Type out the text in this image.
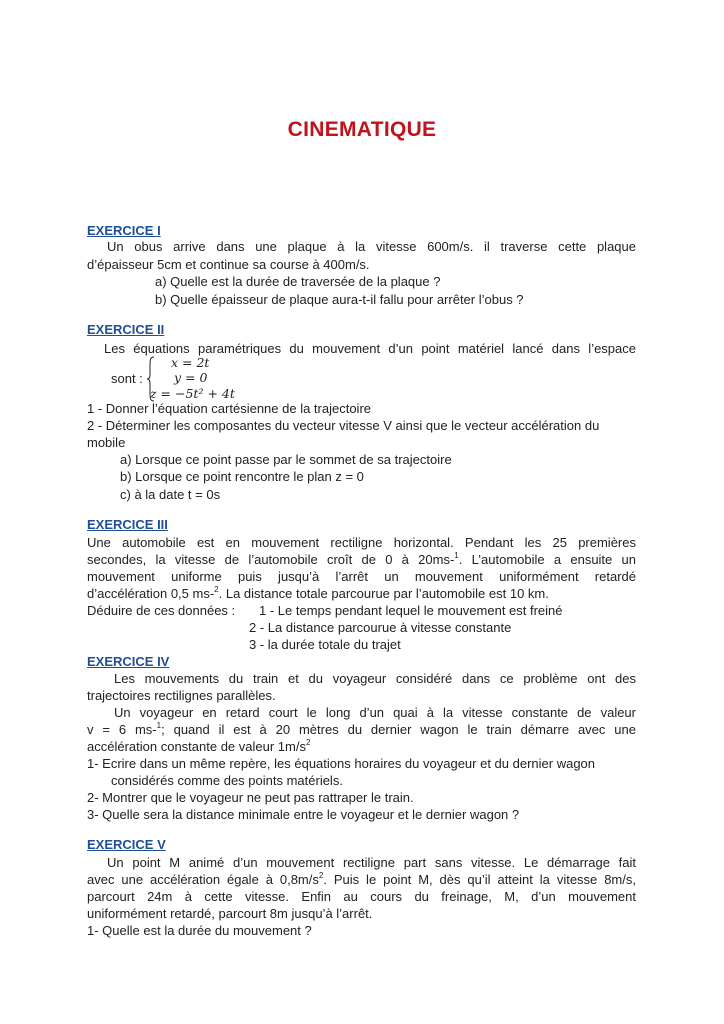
CINEMATIQUE
EXERCICE I
Un obus arrive dans une plaque à la vitesse 600m/s. il traverse cette plaque
d’épaisseur 5cm et continue sa course à 400m/s.
a) Quelle est la durée de traversée de la plaque ?
b) Quelle épaisseur de plaque aura-t-il fallu pour arrêter l’obus ?
EXERCICE II
Les équations paramétriques du mouvement d’un point matériel lancé dans l’espace
sont :
x = 2t
y = 0
z = −5t² + 4t
1 - Donner l’équation cartésienne de la trajectoire
2 - Déterminer les composantes du vecteur vitesse V ainsi que le vecteur accélération du
mobile
a) Lorsque ce point passe par le sommet de sa trajectoire
b) Lorsque ce point rencontre le plan z = 0
c) à la date t = 0s
EXERCICE III
Une automobile est en mouvement rectiligne horizontal. Pendant les 25 premières
secondes, la vitesse de l’automobile croît de 0 à 20ms-$^1$. L’automobile a ensuite un
mouvement uniforme puis jusqu’à l’arrêt un mouvement uniformément retardé
d’accélération 0,5 ms-$^2$. La distance totale parcourue par l’automobile est 10 km.
Déduire de ces données : 1 - Le temps pendant lequel le mouvement est freiné
2 - La distance parcourue à vitesse constante
3 - la durée totale du trajet
EXERCICE IV
Les mouvements du train et du voyageur considéré dans ce problème ont des
trajectoires rectilignes parallèles.
Un voyageur en retard court le long d’un quai à la vitesse constante de valeur
v = 6 ms-$^1$; quand il est à 20 mètres du dernier wagon le train démarre avec une
accélération constante de valeur $1m/s^2$
1- Ecrire dans un même repère, les équations horaires du voyageur et du dernier wagon
considérés comme des points matériels.
2- Montrer que le voyageur ne peut pas rattraper le train.
3- Quelle sera la distance minimale entre le voyageur et le dernier wagon ?
EXERCICE V
Un point M animé d’un mouvement rectiligne part sans vitesse. Le démarrage fait
avec une accélération égale à $0,8m/s^2$. Puis le point M, dès qu’il atteint la vitesse 8m/s,
parcourt 24m à cette vitesse. Enfin au cours du freinage, M, d’un mouvement
uniformément retardé, parcourt 8m jusqu’à l’arrêt.
1- Quelle est la durée du mouvement ?
